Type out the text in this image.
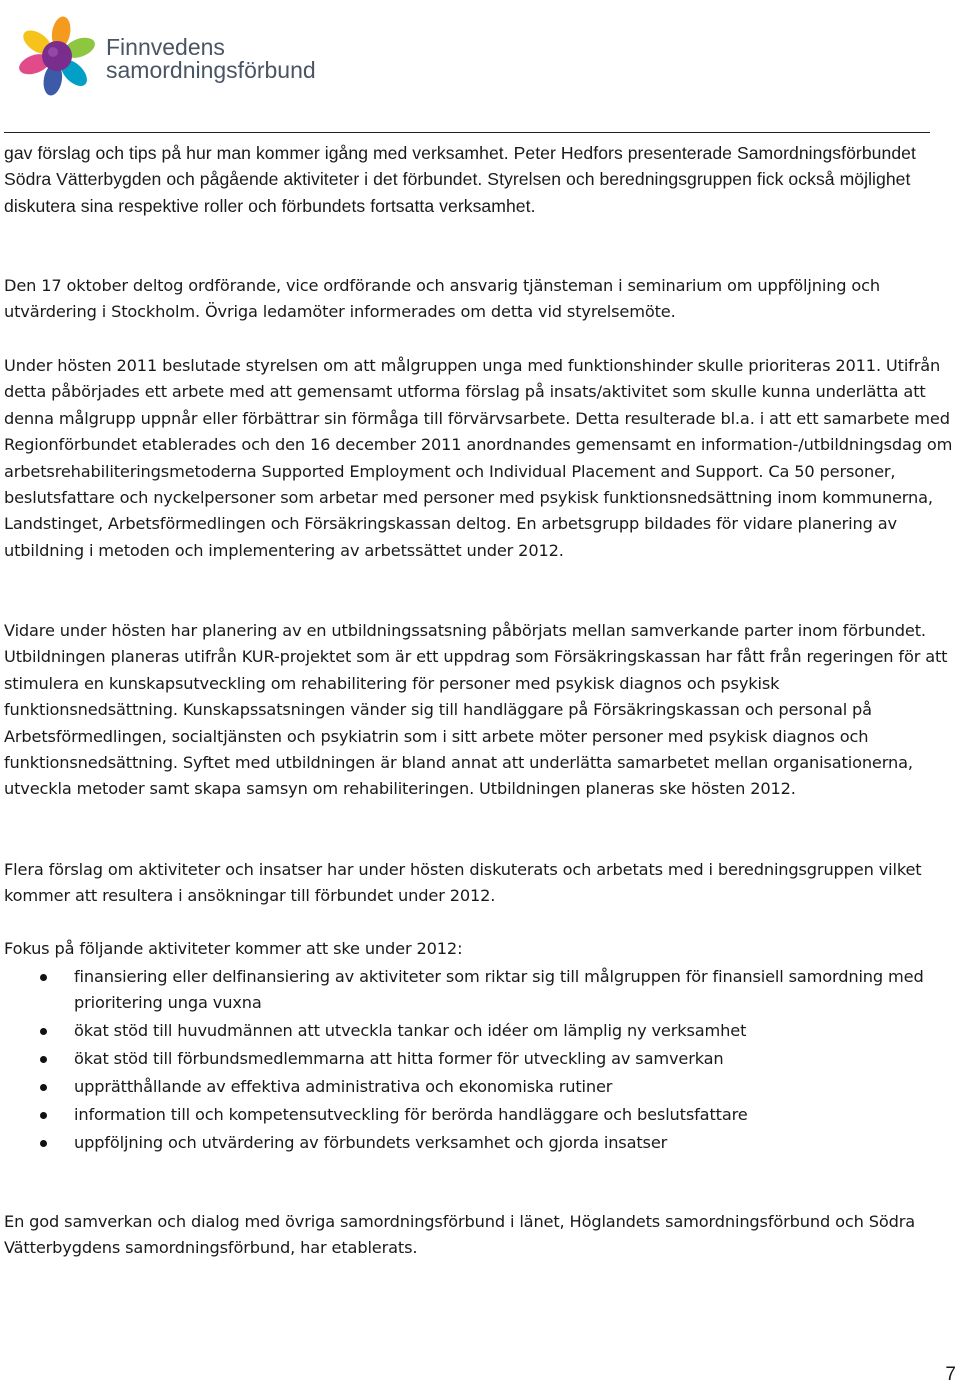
Finnvedens
samordningsförbund

gav förslag och tips på hur man kommer igång med verksamhet. Peter Hedfors presenterade Samordningsförbundet Södra Vätterbygden och pågående aktiviteter i det förbundet. Styrelsen och beredningsgruppen fick också möjlighet diskutera sina respektive roller och förbundets fortsatta verksamhet.

Den 17 oktober deltog ordförande, vice ordförande och ansvarig tjänsteman i seminarium om uppföljning och utvärdering i Stockholm. Övriga ledamöter informerades om detta vid styrelsemöte.

Under hösten 2011 beslutade styrelsen om att målgruppen unga med funktionshinder skulle prioriteras 2011. Utifrån detta påbörjades ett arbete med att gemensamt utforma förslag på insats/aktivitet som skulle kunna underlätta att denna målgrupp uppnår eller förbättrar sin förmåga till förvärvsarbete. Detta resulterade bl.a. i att ett samarbete med Regionförbundet etablerades och den 16 december 2011 anordnandes gemensamt en information-/utbildningsdag om arbetsrehabiliteringsmetoderna Supported Employment och Individual Placement and Support. Ca 50 personer, beslutsfattare och nyckelpersoner som arbetar med personer med psykisk funktionsnedsättning inom kommunerna, Landstinget, Arbetsförmedlingen och Försäkringskassan deltog. En arbetsgrupp bildades för vidare planering av utbildning i metoden och implementering av arbetssättet under 2012.

Vidare under hösten har planering av en utbildningssatsning påbörjats mellan samverkande parter inom förbundet. Utbildningen planeras utifrån KUR-projektet som är ett uppdrag som Försäkringskassan har fått från regeringen för att stimulera en kunskapsutveckling om rehabilitering för personer med psykisk diagnos och psykisk funktionsnedsättning. Kunskapssatsningen vänder sig till handläggare på Försäkringskassan och personal på Arbetsförmedlingen, socialtjänsten och psykiatrin som i sitt arbete möter personer med psykisk diagnos och funktionsnedsättning. Syftet med utbildningen är bland annat att underlätta samarbetet mellan organisationerna, utveckla metoder samt skapa samsyn om rehabiliteringen. Utbildningen planeras ske hösten 2012.

Flera förslag om aktiviteter och insatser har under hösten diskuterats och arbetats med i beredningsgruppen vilket kommer att resultera i ansökningar till förbundet under 2012.

Fokus på följande aktiviteter kommer att ske under 2012:

finansiering eller delfinansiering av aktiviteter som riktar sig till målgruppen för finansiell samordning med prioritering unga vuxna
ökat stöd till huvudmännen att utveckla tankar och idéer om lämplig ny verksamhet
ökat stöd till förbundsmedlemmarna att hitta former för utveckling av samverkan
upprätthållande av effektiva administrativa och ekonomiska rutiner
information till och kompetensutveckling för berörda handläggare och beslutsfattare
uppföljning och utvärdering av förbundets verksamhet och gjorda insatser

En god samverkan och dialog med övriga samordningsförbund i länet, Höglandets samordningsförbund och Södra Vätterbygdens samordningsförbund, har etablerats.

7
